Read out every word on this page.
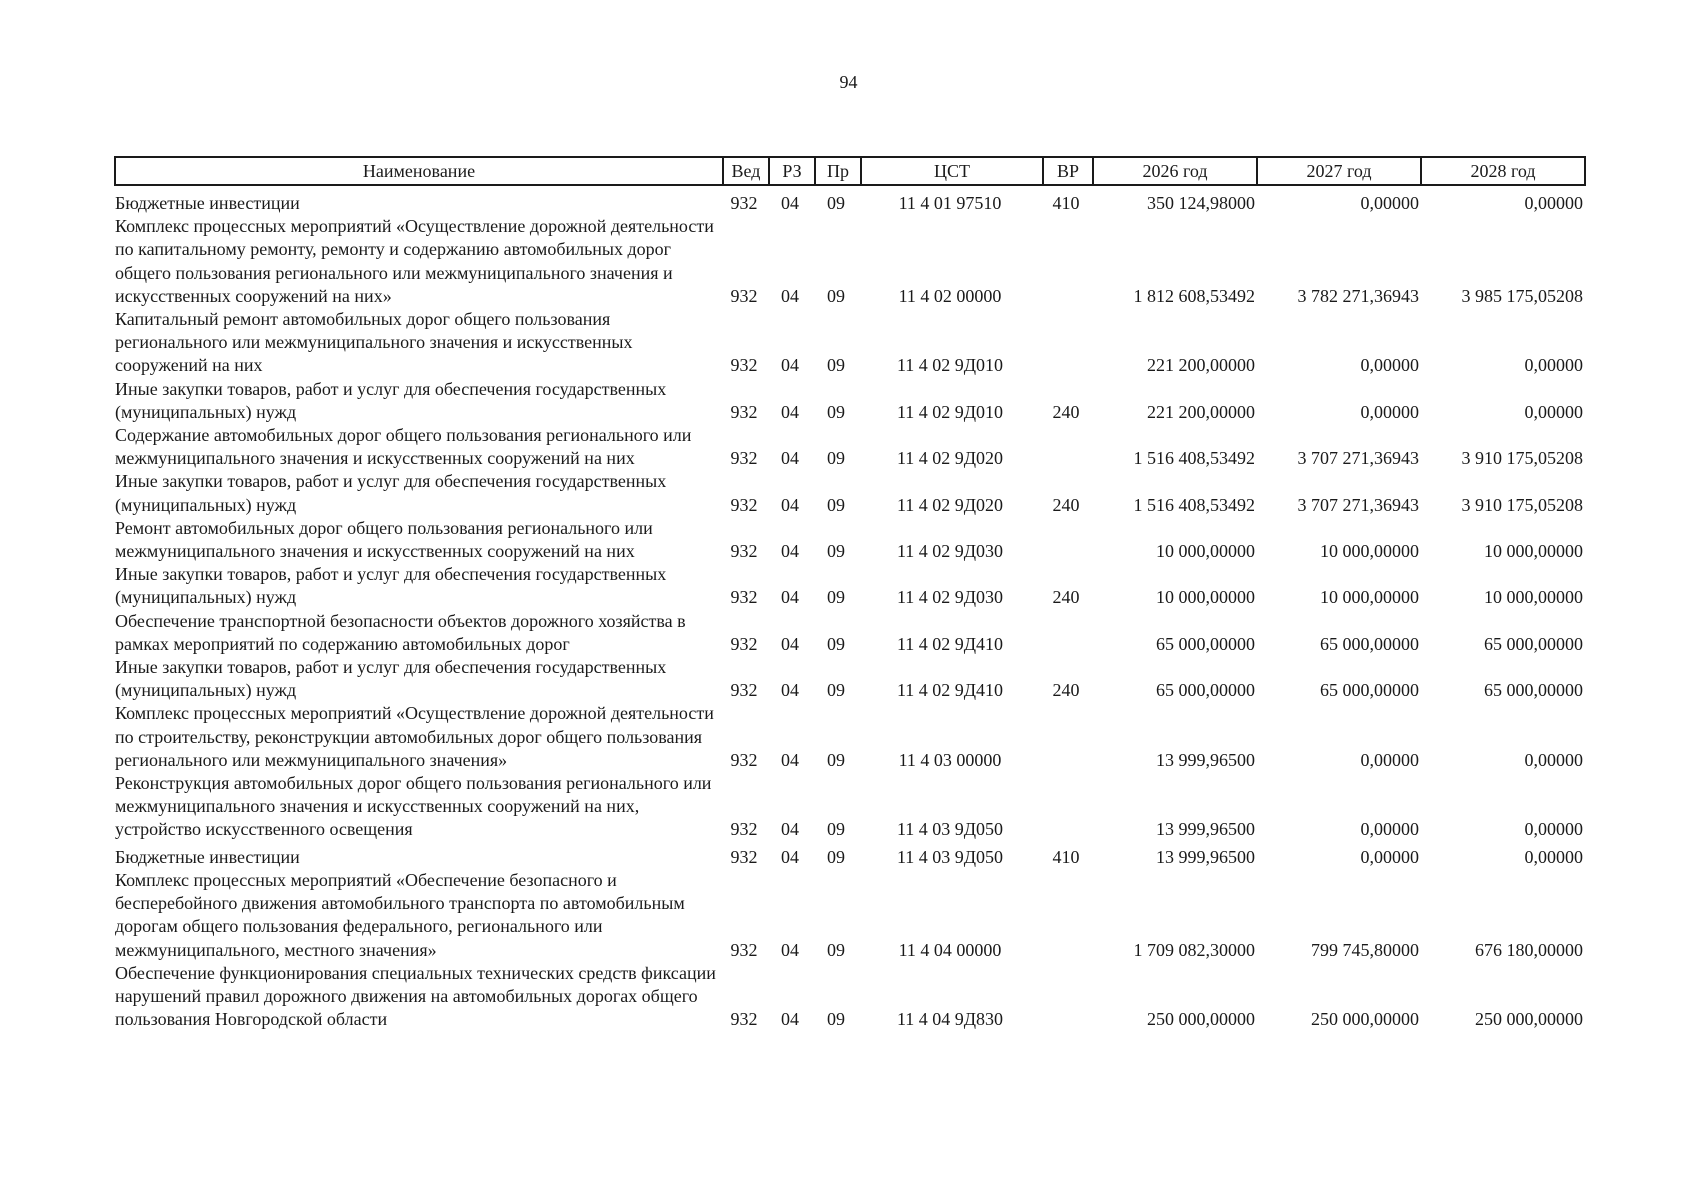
94
Наименование	Вед	РЗ	Пр	ЦСТ	ВР	2026 год	2027 год	2028 год
Бюджетные инвестиции	932	04	09	11 4 01 97510	410	350 124,98000	0,00000	0,00000
Комплекс процессных мероприятий «Осуществление дорожной деятельности по капитальному ремонту, ремонту и содержанию автомобильных дорог общего пользования регионального или межмуниципального значения и искусственных сооружений на них»	932	04	09	11 4 02 00000		1 812 608,53492	3 782 271,36943	3 985 175,05208
Капитальный ремонт автомобильных дорог общего пользования регионального или межмуниципального значения и искусственных сооружений на них	932	04	09	11 4 02 9Д010		221 200,00000	0,00000	0,00000
Иные закупки товаров, работ и услуг для обеспечения государственных (муниципальных) нужд	932	04	09	11 4 02 9Д010	240	221 200,00000	0,00000	0,00000
Содержание автомобильных дорог общего пользования регионального или межмуниципального значения и искусственных сооружений на них	932	04	09	11 4 02 9Д020		1 516 408,53492	3 707 271,36943	3 910 175,05208
Иные закупки товаров, работ и услуг для обеспечения государственных (муниципальных) нужд	932	04	09	11 4 02 9Д020	240	1 516 408,53492	3 707 271,36943	3 910 175,05208
Ремонт автомобильных дорог общего пользования регионального или межмуниципального значения и искусственных сооружений на них	932	04	09	11 4 02 9Д030		10 000,00000	10 000,00000	10 000,00000
Иные закупки товаров, работ и услуг для обеспечения государственных (муниципальных) нужд	932	04	09	11 4 02 9Д030	240	10 000,00000	10 000,00000	10 000,00000
Обеспечение транспортной безопасности объектов дорожного хозяйства в рамках мероприятий по содержанию автомобильных дорог	932	04	09	11 4 02 9Д410		65 000,00000	65 000,00000	65 000,00000
Иные закупки товаров, работ и услуг для обеспечения государственных (муниципальных) нужд	932	04	09	11 4 02 9Д410	240	65 000,00000	65 000,00000	65 000,00000
Комплекс процессных мероприятий «Осуществление дорожной деятельности по строительству, реконструкции автомобильных дорог общего пользования регионального или межмуниципального значения»	932	04	09	11 4 03 00000		13 999,96500	0,00000	0,00000
Реконструкция автомобильных дорог общего пользования регионального или межмуниципального значения и искусственных сооружений на них, устройство искусственного освещения	932	04	09	11 4 03 9Д050		13 999,96500	0,00000	0,00000
Бюджетные инвестиции	932	04	09	11 4 03 9Д050	410	13 999,96500	0,00000	0,00000
Комплекс процессных мероприятий «Обеспечение безопасного и бесперебойного движения автомобильного транспорта по автомобильным дорогам общего пользования федерального, регионального или межмуниципального, местного значения»	932	04	09	11 4 04 00000		1 709 082,30000	799 745,80000	676 180,00000
Обеспечение функционирования специальных технических средств фиксации нарушений правил дорожного движения на автомобильных дорогах общего пользования Новгородской области	932	04	09	11 4 04 9Д830		250 000,00000	250 000,00000	250 000,00000
